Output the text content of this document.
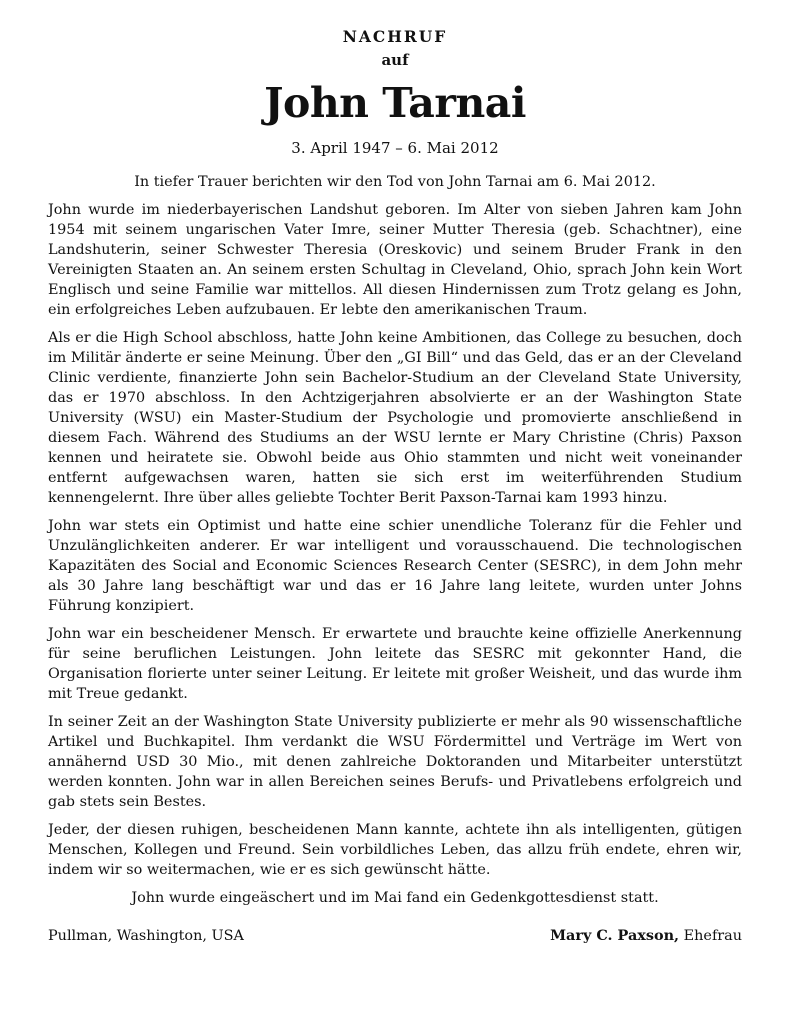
NACHRUF

auf

John Tarnai

3. April 1947 – 6. Mai 2012

In tiefer Trauer berichten wir den Tod von John Tarnai am 6. Mai 2012.

John wurde im niederbayerischen Landshut geboren. Im Alter von sieben Jahren kam John 1954 mit seinem ungarischen Vater Imre, seiner Mutter Theresia (geb. Schachtner), eine Landshuterin, seiner Schwester Theresia (Oreskovic) und seinem Bruder Frank in den Vereinigten Staaten an. An seinem ersten Schultag in Cleveland, Ohio, sprach John kein Wort Englisch und seine Familie war mittellos. All diesen Hindernissen zum Trotz gelang es John, ein erfolgreiches Leben aufzubauen. Er lebte den amerikanischen Traum.

Als er die High School abschloss, hatte John keine Ambitionen, das College zu besuchen, doch im Militär änderte er seine Meinung. Über den „GI Bill“ und das Geld, das er an der Cleveland Clinic verdiente, finanzierte John sein Bachelor-Studium an der Cleveland State University, das er 1970 abschloss. In den Achtzigerjahren absolvierte er an der Washington State University (WSU) ein Master-Studium der Psychologie und promovierte anschließend in diesem Fach. Während des Studiums an der WSU lernte er Mary Christine (Chris) Paxson kennen und heiratete sie. Obwohl beide aus Ohio stammten und nicht weit voneinander entfernt aufgewachsen waren, hatten sie sich erst im weiterführenden Studium kennengelernt. Ihre über alles geliebte Tochter Berit Paxson-Tarnai kam 1993 hinzu.

John war stets ein Optimist und hatte eine schier unendliche Toleranz für die Fehler und Unzulänglichkeiten anderer. Er war intelligent und vorausschauend. Die technologischen Kapazitäten des Social and Economic Sciences Research Center (SESRC), in dem John mehr als 30 Jahre lang beschäftigt war und das er 16 Jahre lang leitete, wurden unter Johns Führung konzipiert.

John war ein bescheidener Mensch. Er erwartete und brauchte keine offizielle Anerkennung für seine beruflichen Leistungen. John leitete das SESRC mit gekonnter Hand, die Organisation florierte unter seiner Leitung. Er leitete mit großer Weisheit, und das wurde ihm mit Treue gedankt.

In seiner Zeit an der Washington State University publizierte er mehr als 90 wissenschaftliche Artikel und Buchkapitel. Ihm verdankt die WSU Fördermittel und Verträge im Wert von annähernd USD 30 Mio., mit denen zahlreiche Doktoranden und Mitarbeiter unterstützt werden konnten. John war in allen Bereichen seines Berufs- und Privatlebens erfolgreich und gab stets sein Bestes.

Jeder, der diesen ruhigen, bescheidenen Mann kannte, achtete ihn als intelligenten, gütigen Menschen, Kollegen und Freund. Sein vorbildliches Leben, das allzu früh endete, ehren wir, indem wir so weitermachen, wie er es sich gewünscht hätte.

John wurde eingeäschert und im Mai fand ein Gedenkgottesdienst statt.

Pullman, Washington, USA	Mary C. Paxson, Ehefrau
